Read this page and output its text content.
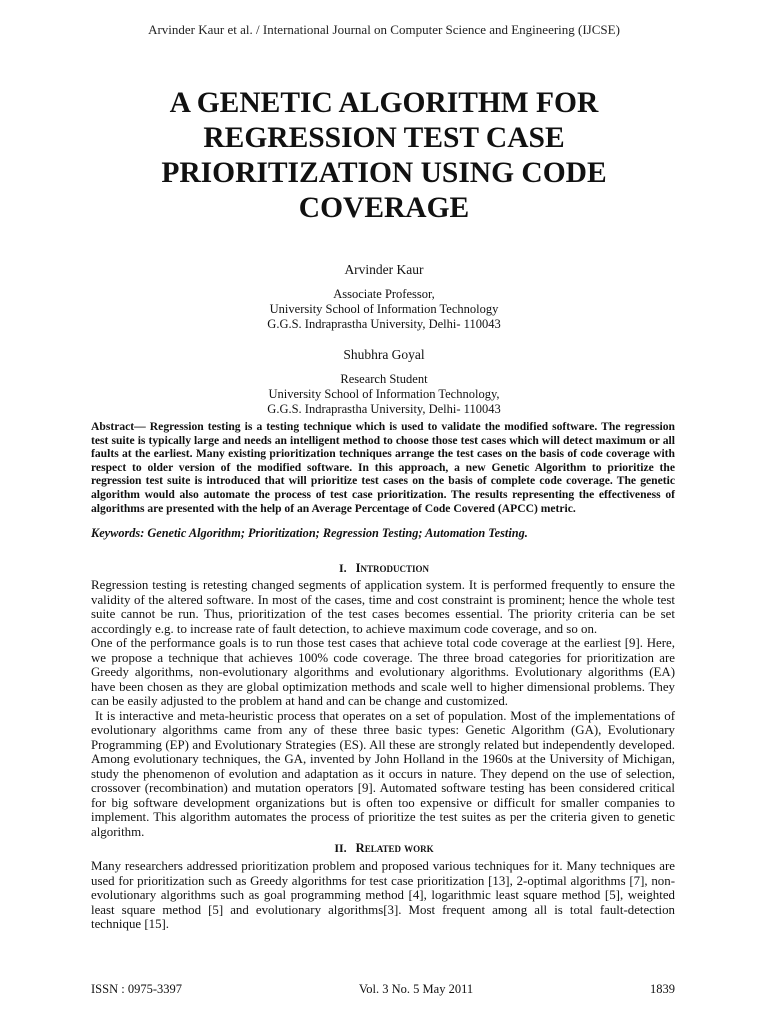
Arvinder Kaur et al. / International Journal on Computer Science and Engineering (IJCSE)
A GENETIC ALGORITHM FOR
REGRESSION TEST CASE
PRIORITIZATION USING CODE
COVERAGE
Arvinder Kaur
Associate Professor,
University School of Information Technology
G.G.S. Indraprastha University, Delhi- 110043
Shubhra Goyal
Research Student
University School of Information Technology,
G.G.S. Indraprastha University, Delhi- 110043
Abstract— Regression testing is a testing technique which is used to validate the modified software. The regression test suite is typically large and needs an intelligent method to choose those test cases which will detect maximum or all faults at the earliest. Many existing prioritization techniques arrange the test cases on the basis of code coverage with respect to older version of the modified software. In this approach, a new Genetic Algorithm to prioritize the regression test suite is introduced that will prioritize test cases on the basis of complete code coverage. The genetic algorithm would also automate the process of test case prioritization. The results representing the effectiveness of algorithms are presented with the help of an Average Percentage of Code Covered (APCC) metric.
Keywords: Genetic Algorithm; Prioritization; Regression Testing; Automation Testing.
I. Introduction

Regression testing is retesting changed segments of application system. It is performed frequently to ensure the validity of the altered software. In most of the cases, time and cost constraint is prominent; hence the whole test suite cannot be run. Thus, prioritization of the test cases becomes essential. The priority criteria can be set accordingly e.g. to increase rate of fault detection, to achieve maximum code coverage, and so on.

One of the performance goals is to run those test cases that achieve total code coverage at the earliest [9]. Here, we propose a technique that achieves 100% code coverage. The three broad categories for prioritization are Greedy algorithms, non-evolutionary algorithms and evolutionary algorithms. Evolutionary algorithms (EA) have been chosen as they are global optimization methods and scale well to higher dimensional problems. They can be easily adjusted to the problem at hand and can be change and customized.

It is interactive and meta-heuristic process that operates on a set of population. Most of the implementations of evolutionary algorithms came from any of these three basic types: Genetic Algorithm (GA), Evolutionary Programming (EP) and Evolutionary Strategies (ES). All these are strongly related but independently developed. Among evolutionary techniques, the GA, invented by John Holland in the 1960s at the University of Michigan, study the phenomenon of evolution and adaptation as it occurs in nature. They depend on the use of selection, crossover (recombination) and mutation operators [9]. Automated software testing has been considered critical for big software development organizations but is often too expensive or difficult for smaller companies to implement. This algorithm automates the process of prioritize the test suites as per the criteria given to genetic algorithm.

II. Related work

Many researchers addressed prioritization problem and proposed various techniques for it. Many techniques are used for prioritization such as Greedy algorithms for test case prioritization [13], 2-optimal algorithms [7], non-evolutionary algorithms such as goal programming method [4], logarithmic least square method [5], weighted least square method [5] and evolutionary algorithms[3]. Most frequent among all is total fault-detection technique [15].

ISSN : 0975-3397	Vol. 3 No. 5 May 2011	1839
